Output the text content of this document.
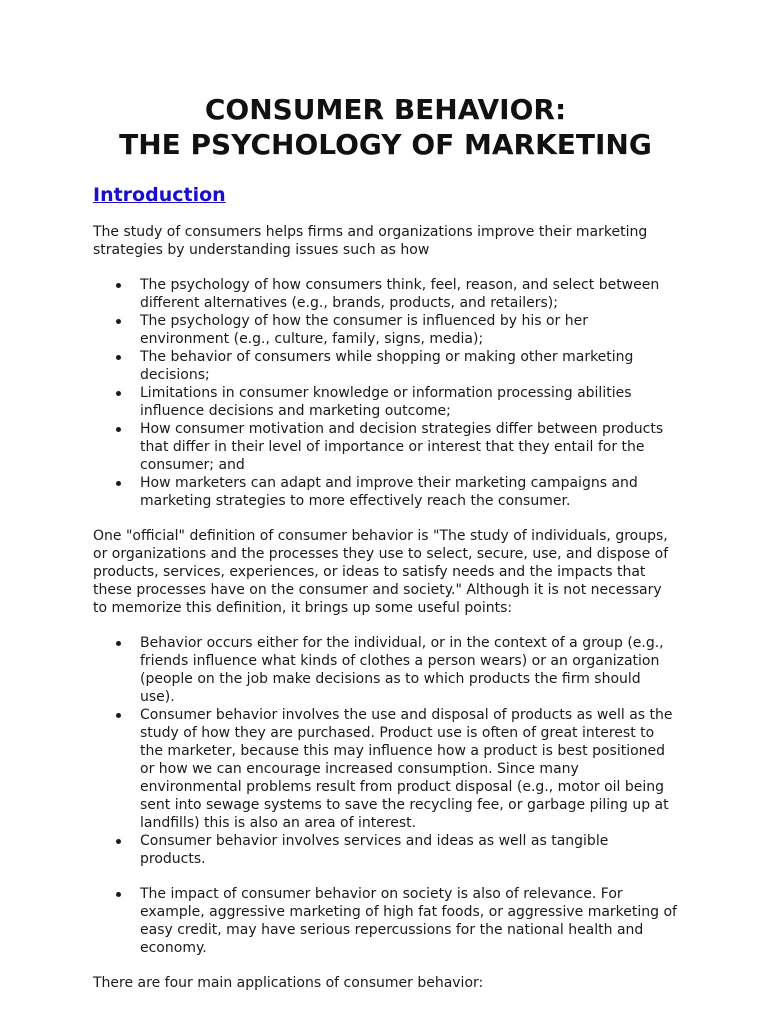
CONSUMER BEHAVIOR:
THE PSYCHOLOGY OF MARKETING
Introduction

The study of consumers helps firms and organizations improve their marketing strategies by understanding issues such as how

The psychology of how consumers think, feel, reason, and select between different alternatives (e.g., brands, products, and retailers);
The psychology of how the consumer is influenced by his or her environment (e.g., culture, family, signs, media);
The behavior of consumers while shopping or making other marketing decisions;
Limitations in consumer knowledge or information processing abilities influence decisions and marketing outcome;
How consumer motivation and decision strategies differ between products that differ in their level of importance or interest that they entail for the consumer; and
How marketers can adapt and improve their marketing campaigns and marketing strategies to more effectively reach the consumer.

One "official" definition of consumer behavior is "The study of individuals, groups, or organizations and the processes they use to select, secure, use, and dispose of products, services, experiences, or ideas to satisfy needs and the impacts that these processes have on the consumer and society." Although it is not necessary to memorize this definition, it brings up some useful points:

Behavior occurs either for the individual, or in the context of a group (e.g., friends influence what kinds of clothes a person wears) or an organization (people on the job make decisions as to which products the firm should use).
Consumer behavior involves the use and disposal of products as well as the study of how they are purchased. Product use is often of great interest to the marketer, because this may influence how a product is best positioned or how we can encourage increased consumption. Since many environmental problems result from product disposal (e.g., motor oil being sent into sewage systems to save the recycling fee, or garbage piling up at landfills) this is also an area of interest.
Consumer behavior involves services and ideas as well as tangible products.
The impact of consumer behavior on society is also of relevance. For example, aggressive marketing of high fat foods, or aggressive marketing of easy credit, may have serious repercussions for the national health and economy.

There are four main applications of consumer behavior:
